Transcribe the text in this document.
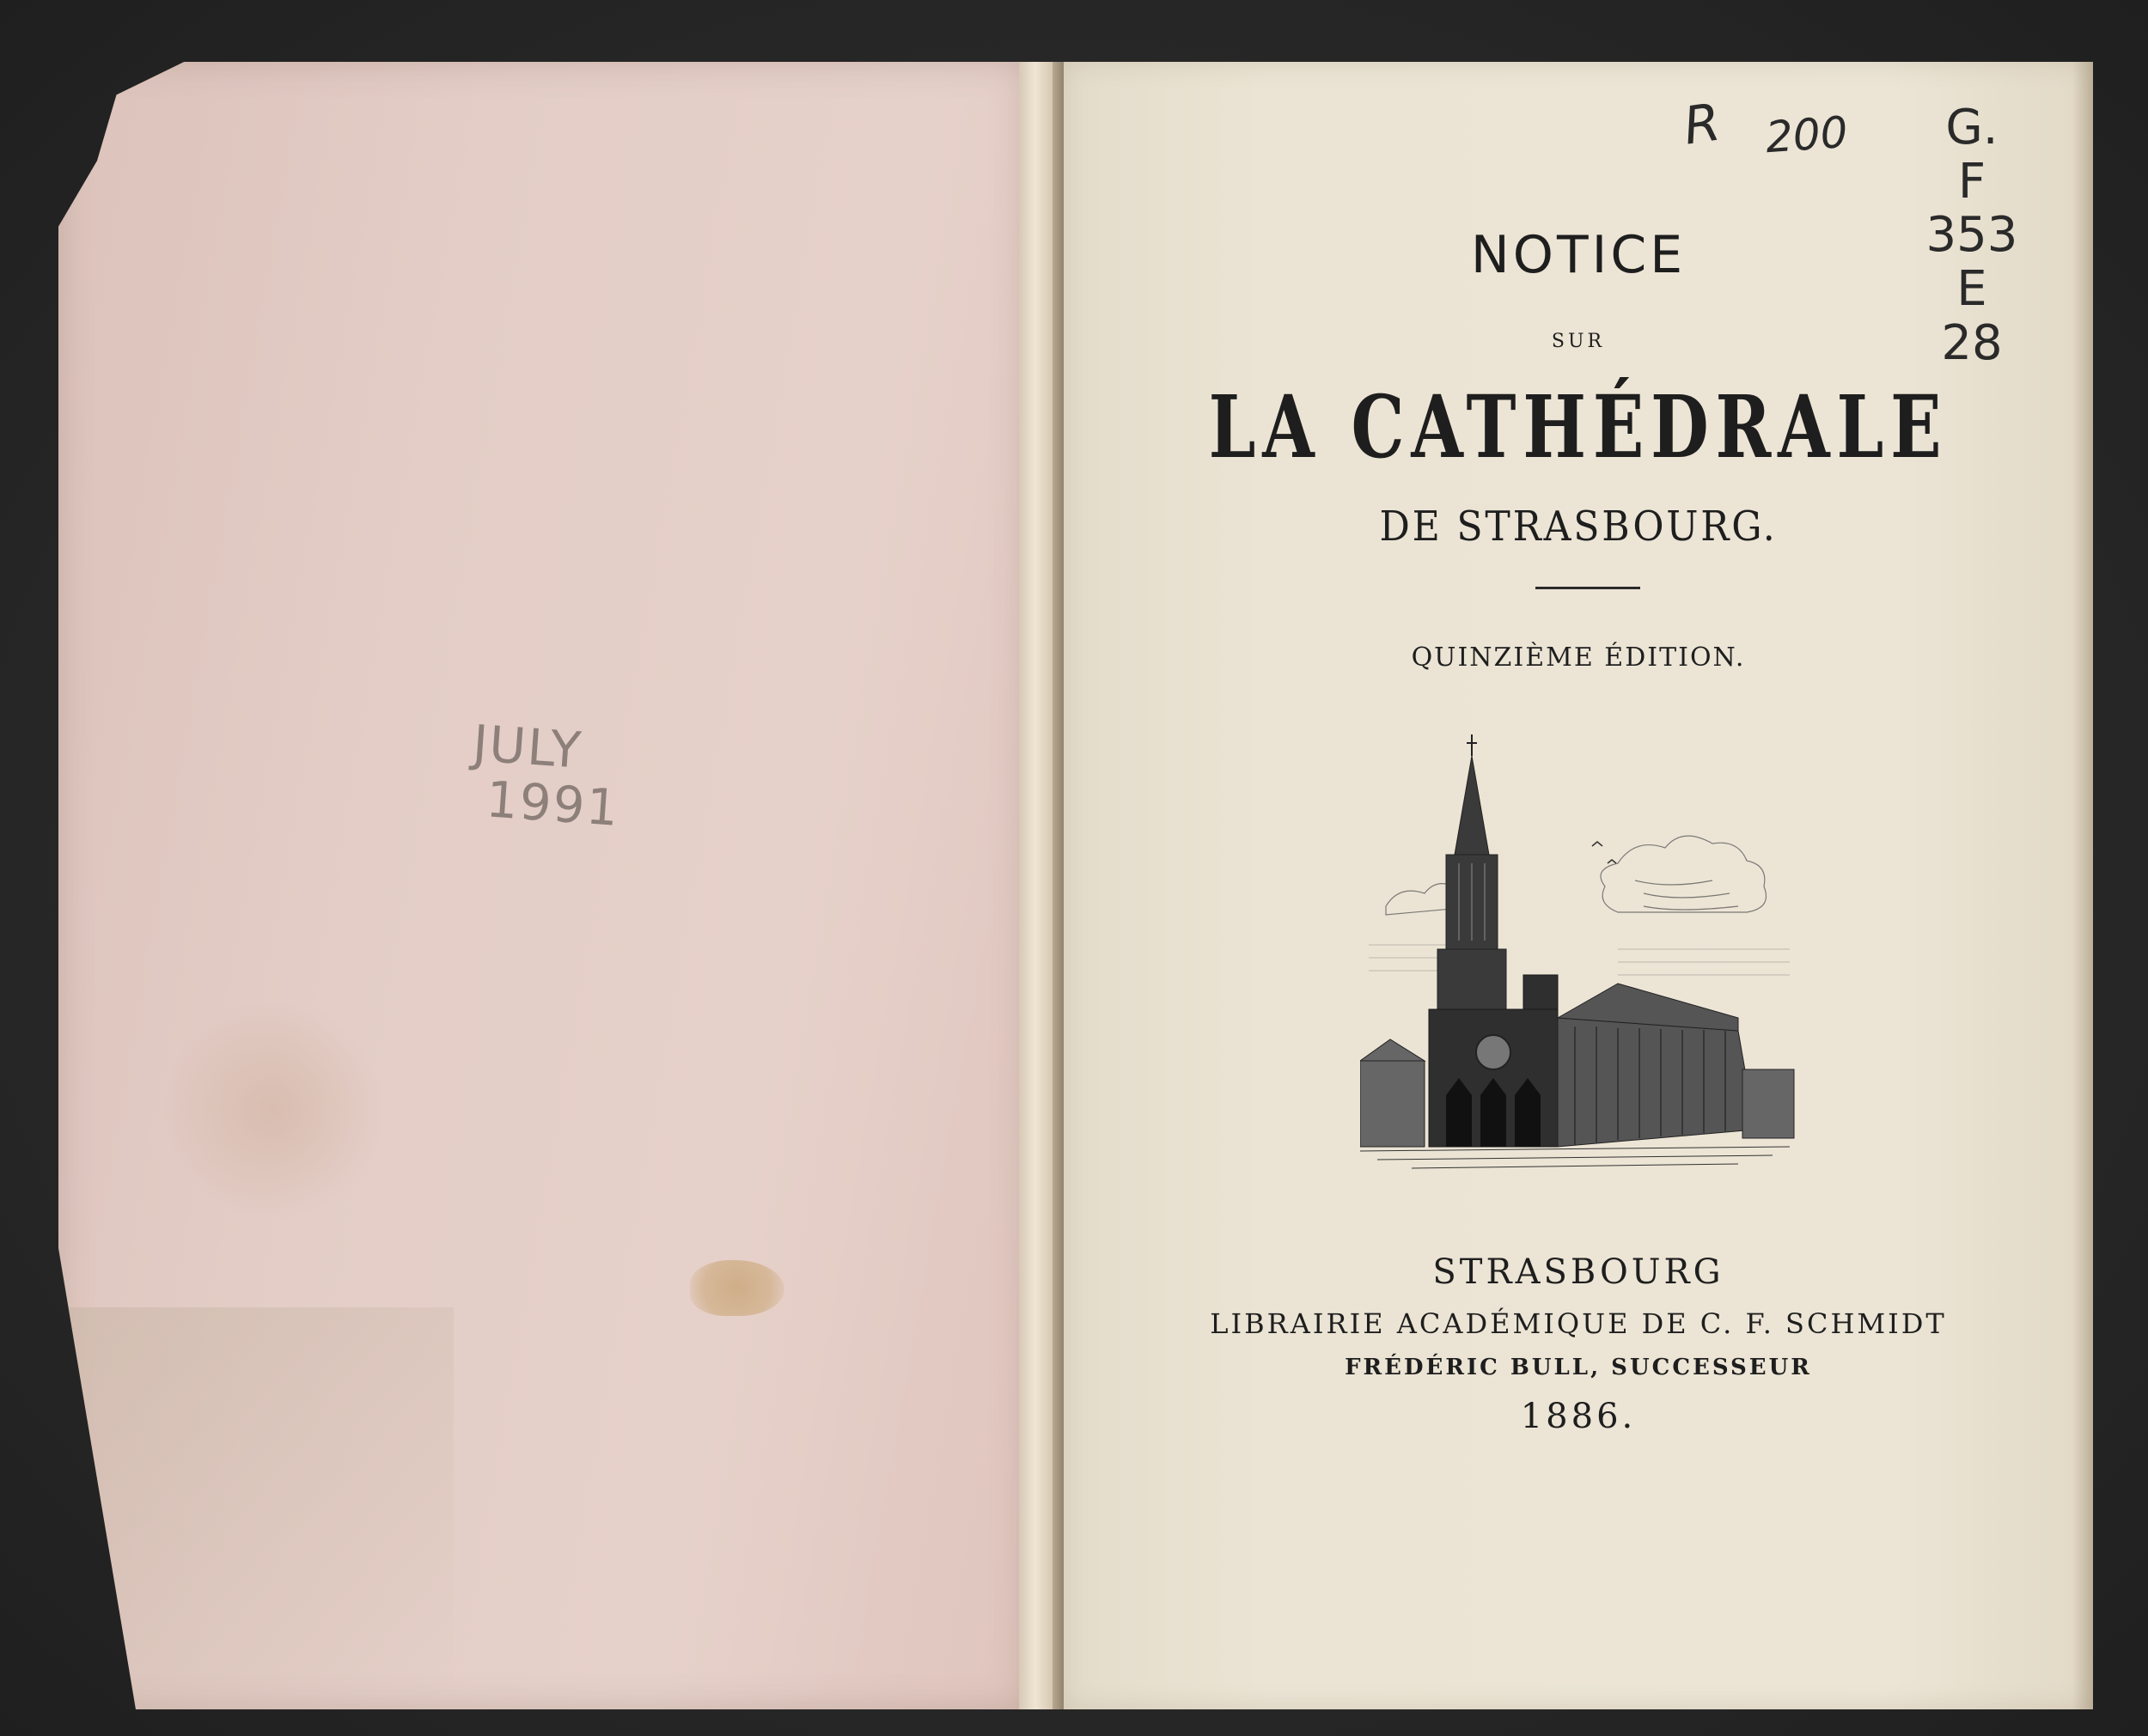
JULY
1991
R 200	G.
F
353
E
28
NOTICE
SUR
LA CATHÉDRALE
DE STRASBOURG.
QUINZIÈME ÉDITION.
STRASBOURG
LIBRAIRIE ACADÉMIQUE DE C. F. SCHMIDT
FRÉDÉRIC BULL, SUCCESSEUR
1886.
